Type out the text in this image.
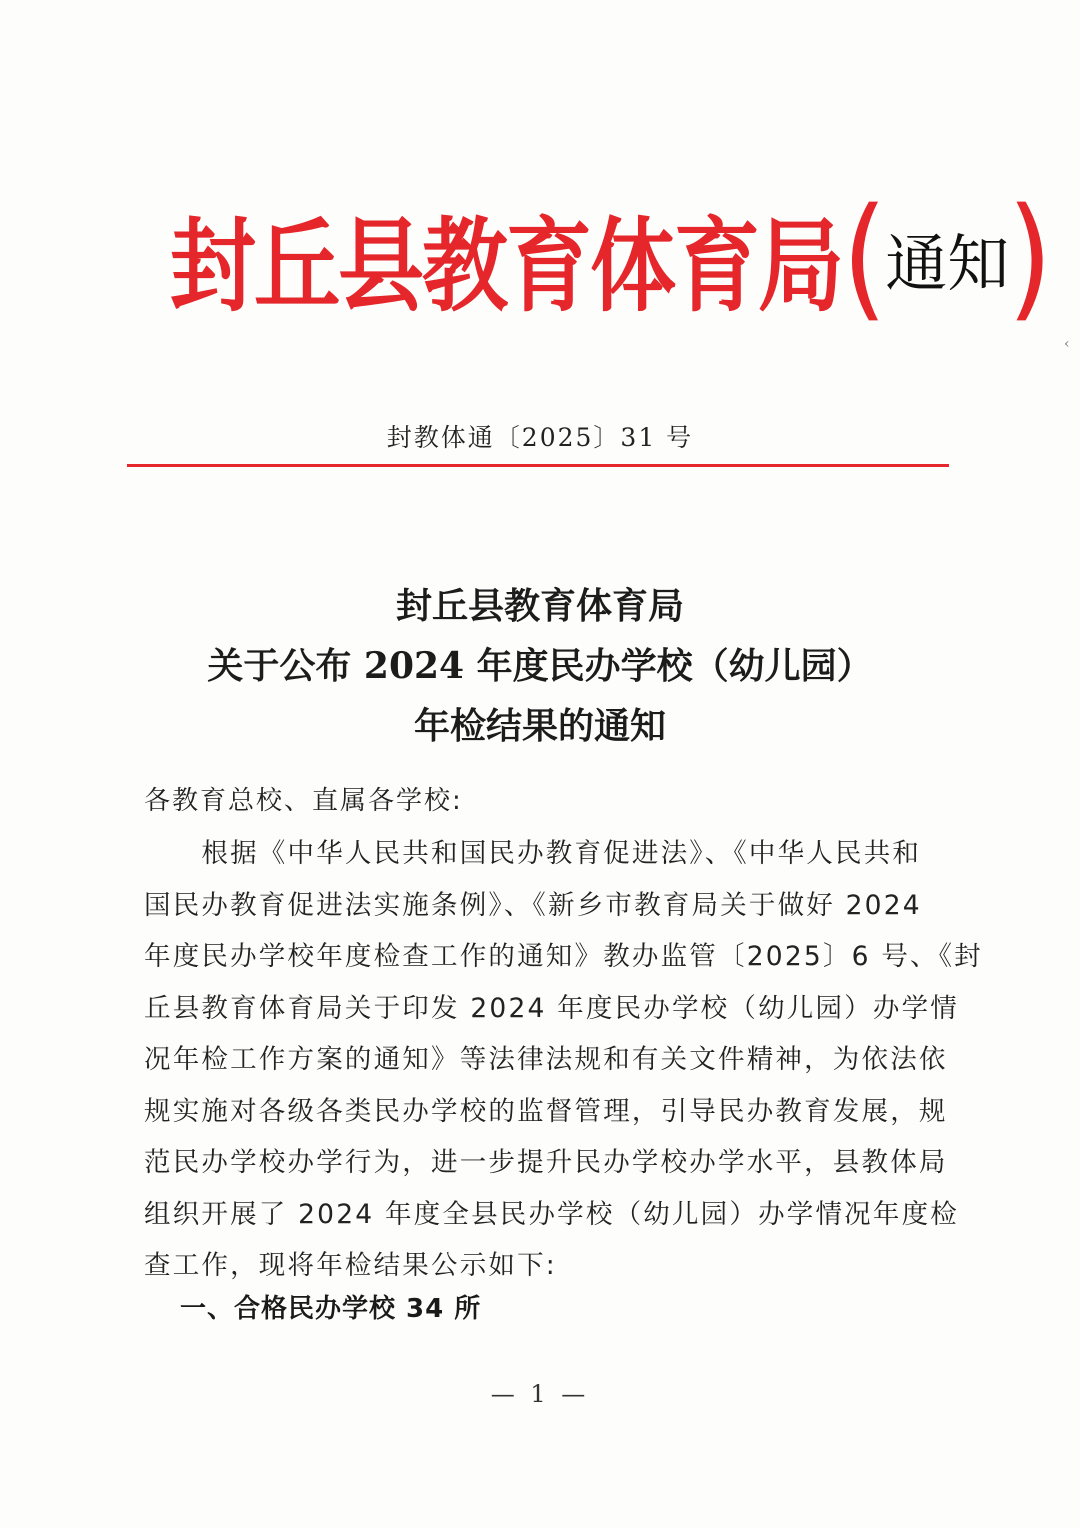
封丘县教育体育局 (
通知
)
‹
封教体通〔2025〕31 号
封丘县教育体育局
关于公布 2024 年度民办学校（幼儿园）
年检结果的通知
各教育总校、直属各学校:
　　根据《中华人民共和国民办教育促进法》、《中华人民共和
国民办教育促进法实施条例》、《新乡市教育局关于做好 2024
年度民办学校年度检查工作的通知》教办监管〔2025〕6 号、《封
丘县教育体育局关于印发 2024 年度民办学校（幼儿园）办学情
况年检工作方案的通知》等法律法规和有关文件精神，为依法依
规实施对各级各类民办学校的监督管理，引导民办教育发展，规
范民办学校办学行为，进一步提升民办学校办学水平，县教体局
组织开展了 2024 年度全县民办学校（幼儿园）办学情况年度检
查工作，现将年检结果公示如下:
一、合格民办学校 34 所
— 1 —
